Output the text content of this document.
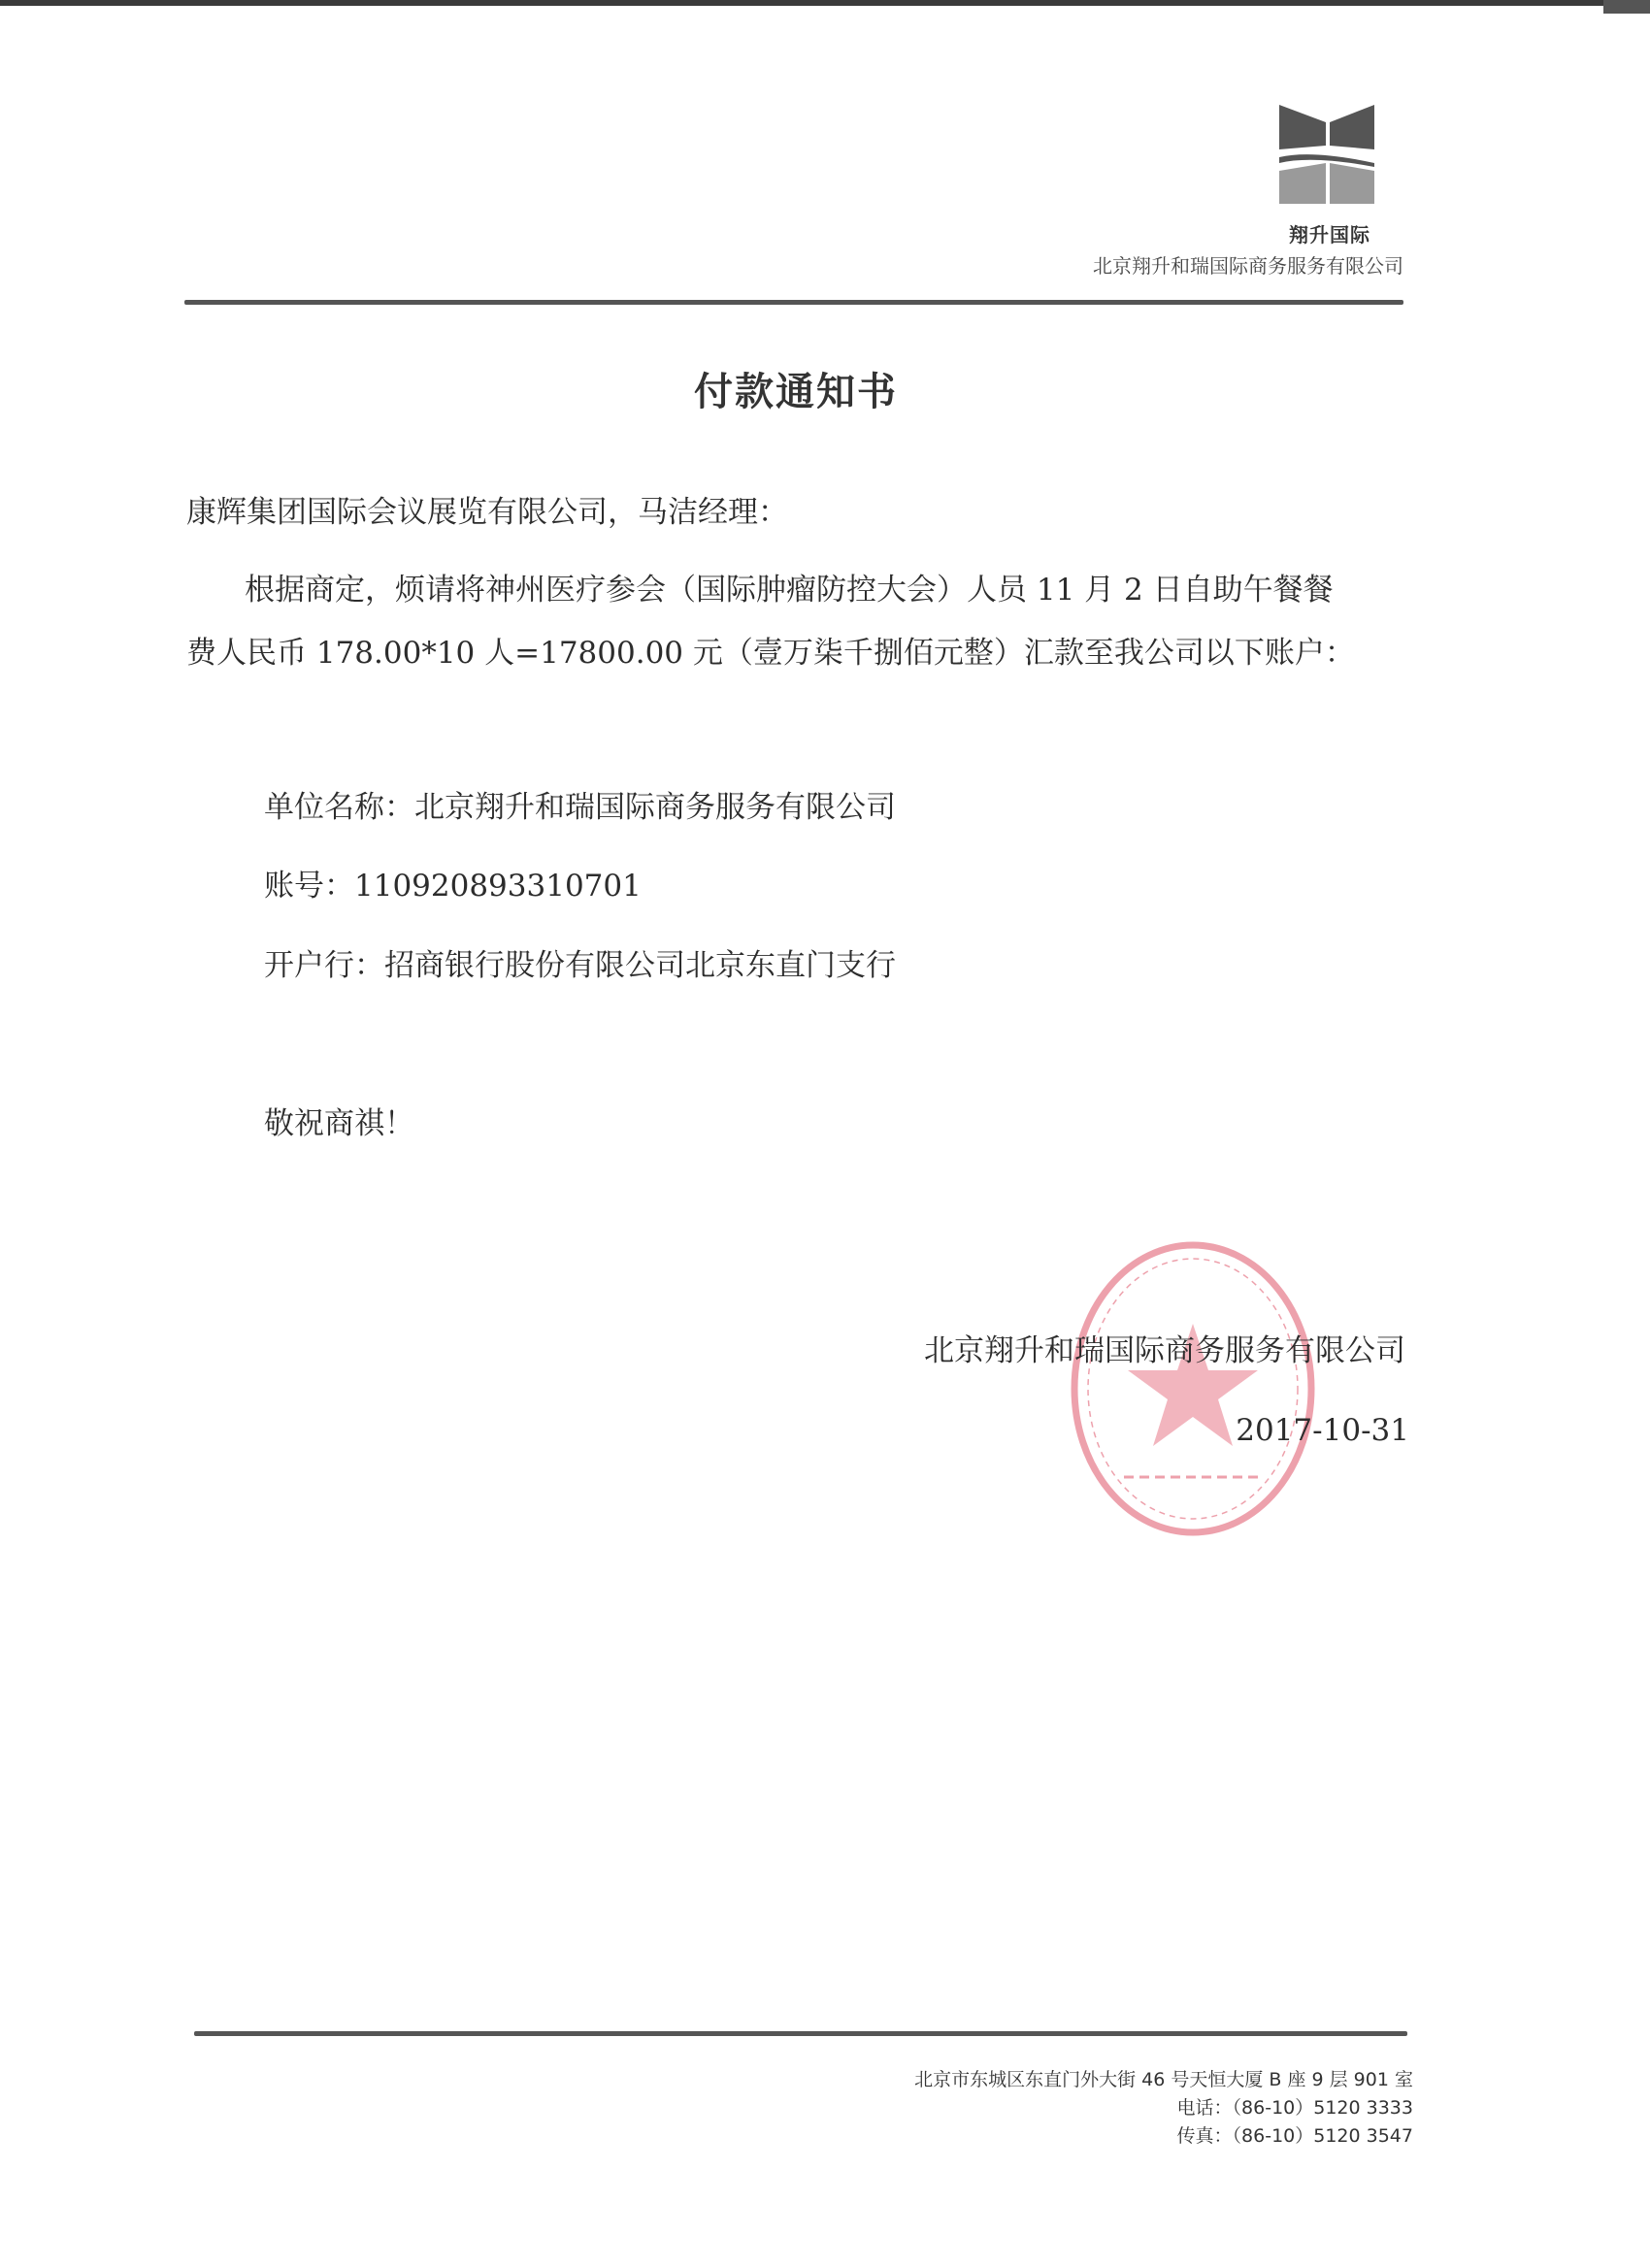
翔升国际
北京翔升和瑞国际商务服务有限公司
付款通知书
康辉集团国际会议展览有限公司，马洁经理：
根据商定，烦请将神州医疗参会（国际肿瘤防控大会）人员 11 月 2 日自助午餐餐
费人民币 178.00*10 人=17800.00 元（壹万柒千捌佰元整）汇款至我公司以下账户：
单位名称：北京翔升和瑞国际商务服务有限公司
账号：110920893310701
开户行：招商银行股份有限公司北京东直门支行
敬祝商祺！
北京翔升和瑞国际商务服务有限公司
2017-10-31
北京市东城区东直门外大街 46 号天恒大厦 B 座 9 层 901 室
电话：（86-10）5120 3333
传真：（86-10）5120 3547
